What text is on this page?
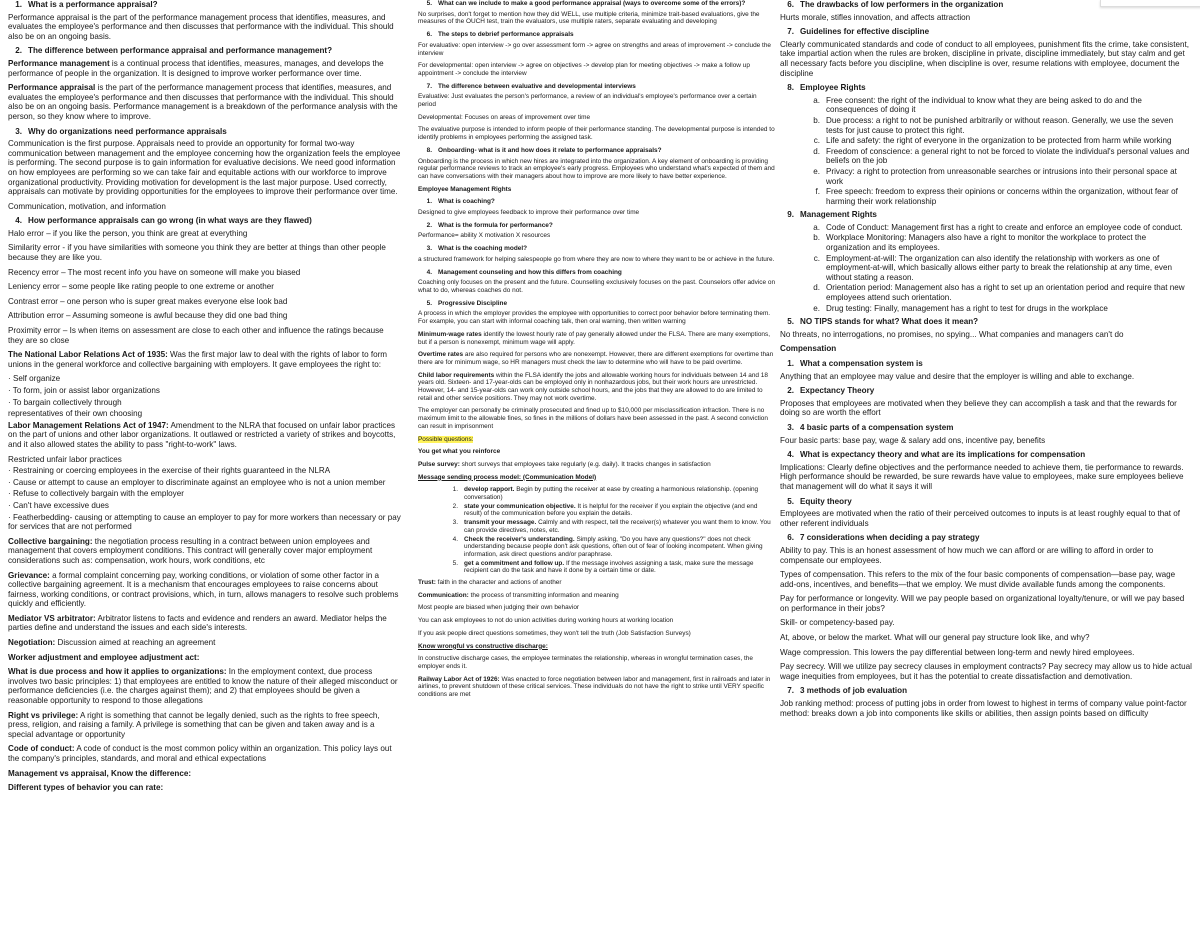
1. What is a performance appraisal?
Performance appraisal is the part of the performance management process that identifies, measures, and evaluates the employee's performance and then discusses that performance with the individual. This should also be on an ongoing basis.
2. The difference between performance appraisal and performance management?
Performance management is a continual process that identifies, measures, manages, and develops the performance of people in the organization. It is designed to improve worker performance over time.
Performance appraisal is the part of the performance management process that identifies, measures, and evaluates the employee's performance and then discusses that performance with the individual. This should also be on an ongoing basis. Performance management is a breakdown of the performance analysis with the person, so they know where to improve.
3. Why do organizations need performance appraisals
Communication is the first purpose. Appraisals need to provide an opportunity for formal two-way communication between management and the employee concerning how the organization feels the employee is performing. The second purpose is to gain information for evaluative decisions. We need good information on how employees are performing so we can take fair and equitable actions with our workforce to improve organizational productivity. Providing motivation for development is the last major purpose. Used correctly, appraisals can motivate by providing opportunities for the employees to improve their performance over time.
Communication, motivation, and information
4. How performance appraisals can go wrong (in what ways are they flawed)
Halo error – if you like the person, you think are great at everything
Similarity error - if you have similarities with someone you think they are better at things than other people because they are like you.
Recency error – The most recent info you have on someone will make you biased
Leniency error – some people like rating people to one extreme or another
Contrast error – one person who is super great makes everyone else look bad
Attribution error – Assuming someone is awful because they did one bad thing
Proximity error – Is when items on assessment are close to each other and influence the ratings because they are so close
The National Labor Relations Act of 1935: Was the first major law to deal with the rights of labor to form unions in the general workforce and collective bargaining with employers. It gave employees the right to:
· Self organize
· To form, join or assist labor organizations
· To bargain collectively through
representatives of their own choosing
Labor Management Relations Act of 1947: Amendment to the NLRA that focused on unfair labor practices on the part of unions and other labor organizations. It outlawed or restricted a variety of strikes and boycotts, and it also allowed states the ability to pass "right-to-work" laws.
Restricted unfair labor practices
· Restraining or coercing employees in the exercise of their rights guaranteed in the NLRA
· Cause or attempt to cause an employer to discriminate against an employee who is not a union member
· Refuse to collectively bargain with the employer
· Can't have excessive dues
· Featherbedding- causing or attempting to cause an employer to pay for more workers than necessary or pay for services that are not performed
Collective bargaining: the negotiation process resulting in a contract between union employees and management that covers employment conditions. This contract will generally cover major employment considerations such as: compensation, work hours, work conditions, etc
Grievance: a formal complaint concerning pay, working conditions, or violation of some other factor in a collective bargaining agreement. It is a mechanism that encourages employees to raise concerns about fairness, working conditions, or contract provisions, which, in turn, allows managers to resolve such problems quickly and efficiently.
Mediator VS arbitrator: Arbitrator listens to facts and evidence and renders an award. Mediator helps the parties define and understand the issues and each side's interests.
Negotiation: Discussion aimed at reaching an agreement
Worker adjustment and employee adjustment act:
What is due process and how it applies to organizations: In the employment context, due process involves two basic principles: 1) that employees are entitled to know the nature of their alleged misconduct or performance deficiencies (i.e. the charges against them); and 2) that employees should be given a reasonable opportunity to respond to those allegations
Right vs privilege: A right is something that cannot be legally denied, such as the rights to free speech, press, religion, and raising a family. A privilege is something that can be given and taken away and is a special advantage or opportunity
Code of conduct: A code of conduct is the most common policy within an organization. This policy lays out the company's principles, standards, and moral and ethical expectations
Management vs appraisal, Know the difference:
Different types of behavior you can rate:
5. What can we include to make a good performance appraisal (ways to overcome some of the errors)?
No surprises, don't forget to mention how they did WELL, use multiple criteria, minimize trait-based evaluations, give the measures of the OUCH test, train the evaluators, use multiple raters, separate evaluating and developing
6. The steps to debrief performance appraisals
For evaluative: open interview -> go over assessment form -> agree on strengths and areas of improvement -> conclude the interview
For developmental: open interview -> agree on objectives -> develop plan for meeting objectives -> make a follow up appointment -> conclude the interview
7. The difference between evaluative and developmental interviews
Evaluative: Just evaluates the person's performance, a review of an individual's employee's performance over a certain period
Developmental: Focuses on areas of improvement over time
The evaluative purpose is intended to inform people of their performance standing. The developmental purpose is intended to identify problems in employees performing the assigned task.
8. Onboarding- what is it and how does it relate to performance appraisals?
Onboarding is the process in which new hires are integrated into the organization. A key element of onboarding is providing regular performance reviews to track an employee's early progress. Employees who understand what's expected of them and can have conversations with their managers about how to improve are more likely to have better experience.
Employee Management Rights
1. What is coaching?
Designed to give employees feedback to improve their performance over time
2. What is the formula for performance?
Performance= ability X motivation X resources
3. What is the coaching model?
a structured framework for helping salespeople go from where they are now to where they want to be or achieve in the future.
4. Management counseling and how this differs from coaching
Coaching only focuses on the present and the future. Counselling exclusively focuses on the past. Counselors offer advice on what to do, whereas coaches do not.
5. Progressive Discipline
A process in which the employer provides the employee with opportunities to correct poor behavior before terminating them. For example, you can start with informal coaching talk, then oral warning, then written warning
Minimum-wage rates identify the lowest hourly rate of pay generally allowed under the FLSA. There are many exemptions, but if a person is nonexempt, minimum wage will apply.
Overtime rates are also required for persons who are nonexempt. However, there are different exemptions for overtime than there are for minimum wage, so HR managers must check the law to determine who will have to be paid overtime.
Child labor requirements within the FLSA identify the jobs and allowable working hours for individuals between 14 and 18 years old. Sixteen- and 17-year-olds can be employed only in nonhazardous jobs, but their work hours are unrestricted. However, 14- and 15-year-olds can work only outside school hours, and the jobs that they are allowed to do are limited to retail and other service positions. They may not work overtime.
The employer can personally be criminally prosecuted and fined up to $10,000 per misclassification infraction. There is no maximum limit to the allowable fines, so fines in the millions of dollars have been assessed in the past. A second conviction can result in imprisonment
Possible questions:
You get what you reinforce
Pulse survey: short surveys that employees take regularly (e.g. daily). It tracks changes in satisfaction
Message sending process model: (Communication Model)
1. develop rapport. Begin by putting the receiver at ease by creating a harmonious relationship. (opening conversation)
2. state your communication objective. It is helpful for the receiver if you explain the objective (and end result) of the communication before you explain the details.
3. transmit your message. Calmly and with respect, tell the receiver(s) whatever you want them to know. You can provide directives, notes, etc.
4. Check the receiver's understanding. Simply asking, "Do you have any questions?" does not check understanding because people don't ask questions, often out of fear of looking incompetent. When giving information, ask direct questions and/or paraphrase.
5. get a commitment and follow up. If the message involves assigning a task, make sure the message recipient can do the task and have it done by a certain time or date.
Trust: faith in the character and actions of another
Communication: the process of transmitting information and meaning
Most people are biased when judging their own behavior
You can ask employees to not do union activities during working hours at working location
If you ask people direct questions sometimes, they won't tell the truth (Job Satisfaction Surveys)
Know wrongful vs constructive discharge:
In constructive discharge cases, the employee terminates the relationship, whereas in wrongful termination cases, the employer ends it.
Railway Labor Act of 1926: Was enacted to force negotiation between labor and management, first in railroads and later in airlines, to prevent shutdown of these critical services. These individuals do not have the right to strike until VERY specific conditions are met
6. The drawbacks of low performers in the organization
Hurts morale, stifles innovation, and affects attraction
7. Guidelines for effective discipline
Clearly communicated standards and code of conduct to all employees, punishment fits the crime, take consistent, take impartial action when the rules are broken, discipline in private, discipline immediately, but stay calm and get all necessary facts before you discipline, when discipline is over, resume relations with employee, document the discipline
8. Employee Rights
a. Free consent: the right of the individual to know what they are being asked to do and the consequences of doing it
b. Due process: a right to not be punished arbitrarily or without reason. Generally, we use the seven tests for just cause to protect this right.
c. Life and safety: the right of everyone in the organization to be protected from harm while working
d. Freedom of conscience: a general right to not be forced to violate the individual's personal values and beliefs on the job
e. Privacy: a right to protection from unreasonable searches or intrusions into their personal space at work
f. Free speech: freedom to express their opinions or concerns within the organization, without fear of harming their work relationship
9. Management Rights
a. Code of Conduct: Management first has a right to create and enforce an employee code of conduct.
b. Workplace Monitoring: Managers also have a right to monitor the workplace to protect the organization and its employees.
c. Employment-at-will: The organization can also identify the relationship with workers as one of employment-at-will, which basically allows either party to break the relationship at any time, even without stating a reason.
d. Orientation period: Management also has a right to set up an orientation period and require that new employees attend such orientation.
e. Drug testing: Finally, management has a right to test for drugs in the workplace
5. NO TIPS stands for what? What does it mean?
No threats, no interrogations, no promises, no spying... What companies and managers can't do
Compensation
1. What a compensation system is
Anything that an employee may value and desire that the employer is willing and able to exchange.
2. Expectancy Theory
Proposes that employees are motivated when they believe they can accomplish a task and that the rewards for doing so are worth the effort
3. 4 basic parts of a compensation system
Four basic parts: base pay, wage & salary add ons, incentive pay, benefits
4. What is expectancy theory and what are its implications for compensation
Implications: Clearly define objectives and the performance needed to achieve them, tie performance to rewards. High performance should be rewarded, be sure rewards have value to employees, make sure employees believe that management will do what it says it will
5. Equity theory
Employees are motivated when the ratio of their perceived outcomes to inputs is at least roughly equal to that of other referent individuals
6. 7 considerations when deciding a pay strategy
Ability to pay. This is an honest assessment of how much we can afford or are willing to afford in order to compensate our employees.
Types of compensation. This refers to the mix of the four basic components of compensation—base pay, wage add-ons, incentives, and benefits—that we employ. We must divide available funds among the components.
Pay for performance or longevity. Will we pay people based on organizational loyalty/tenure, or will we pay based on performance in their jobs?
Skill- or competency-based pay.
At, above, or below the market. What will our general pay structure look like, and why?
Wage compression. This lowers the pay differential between long-term and newly hired employees.
Pay secrecy. Will we utilize pay secrecy clauses in employment contracts? Pay secrecy may allow us to hide actual wage inequities from employees, but it has the potential to create dissatisfaction and demotivation.
7. 3 methods of job evaluation
Job ranking method: process of putting jobs in order from lowest to highest in terms of company value point-factor method: breaks down a job into components like skills or abilities, then assign points based on difficulty
